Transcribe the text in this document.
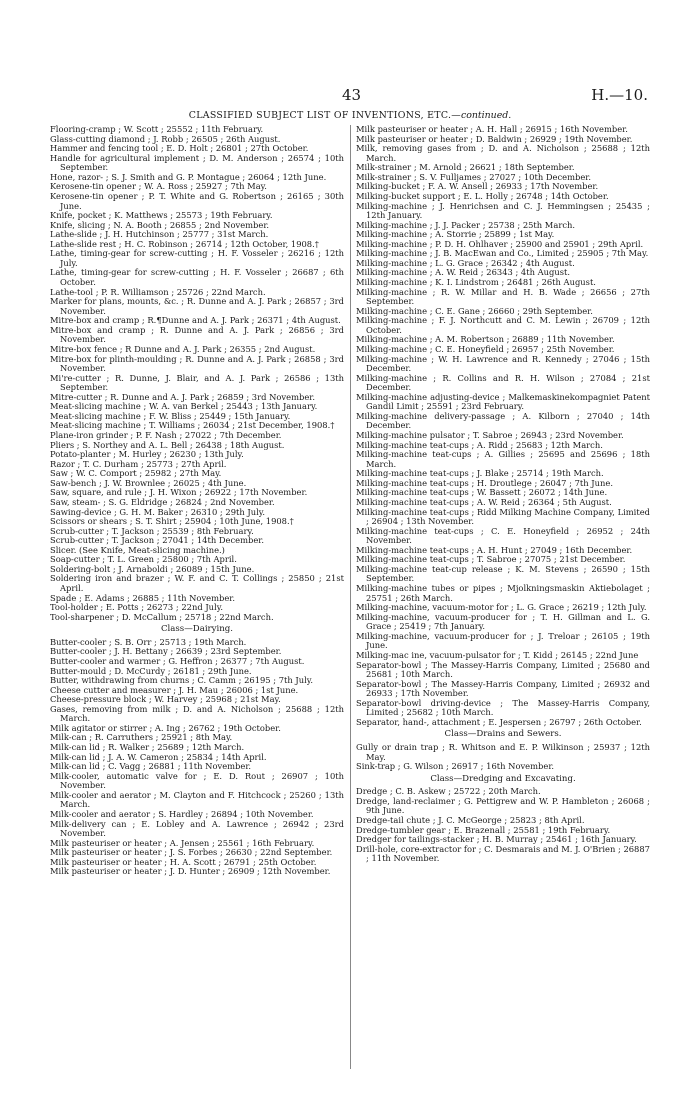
43	H.—10.
CLASSIFIED SUBJECT LIST OF INVENTIONS, ETC.—continued.
Flooring-cramp ; W. Scott ; 25552 ; 11th February.
Glass-cutting diamond ; J. Robb ; 26505 ; 26th August.
Hammer and fencing tool ; E. D. Holt ; 26801 ; 27th October.
Handle for agricultural implement ; D. M. Anderson ; 26574 ; 10th September.
Hone, razor- ; S. J. Smith and G. P. Montague ; 26064 ; 12th June.
Kerosene-tin opener ; W. A. Ross ; 25927 ; 7th May.
Kerosene-tin opener ; P. T. White and G. Robertson ; 26165 ; 30th June.
Knife, pocket ; K. Matthews ; 25573 ; 19th February.
Knife, slicing ; N. A. Booth ; 26855 ; 2nd November.
Lathe-slide ; J. H. Hutchinson ; 25777 ; 31st March.
Lathe-slide rest ; H. C. Robinson ; 26714 ; 12th October, 1908.†
Lathe, timing-gear for screw-cutting ; H. F. Vosseler ; 26216 ; 12th July.
Lathe, timing-gear for screw-cutting ; H. F. Vosseler ; 26687 ; 6th October.
Lathe-tool ; P. R. Williamson ; 25726 ; 22nd March.
Marker for plans, mounts, &c. ; R. Dunne and A. J. Park ; 26857 ; 3rd November.
Mitre-box and cramp ; R.¶Dunne and A. J. Park ; 26371 ; 4th August.
Mitre-box and cramp ; R. Dunne and A. J. Park ; 26856 ; 3rd November.
Mitre-box fence ; R Dunne and A. J. Park ; 26355 ; 2nd August.
Mitre-box for plinth-moulding ; R. Dunne and A. J. Park ; 26858 ; 3rd November.
Mi're-cutter ; R. Dunne, J. Blair, and A. J. Park ; 26586 ; 13th September.
Mitre-cutter ; R. Dunne and A. J. Park ; 26859 ; 3rd November.
Meat-slicing machine ; W. A. van Berkel ; 25443 ; 13th January.
Meat-slicing machine ; F. W. Bliss ; 25449 ; 15th January.
Meat-slicing machine ; T. Williams ; 26034 ; 21st December, 1908.†
Plane-iron grinder ; P. F. Nash ; 27022 ; 7th December.
Pliers ; S. Northey and A. L. Bell ; 26438 ; 18th August.
Potato-planter ; M. Hurley ; 26230 ; 13th July.
Razor ; T. C. Durham ; 25773 ; 27th April.
Saw ; W. C. Comport ; 25982 ; 27th May.
Saw-bench ; J. W. Brownlee ; 26025 ; 4th June.
Saw, square, and rule ; J. H. Wixon ; 26922 ; 17th November.
Saw, steam- ; S. G. Eldridge ; 26824 ; 2nd November.
Sawing-device ; G. H. M. Baker ; 26310 ; 29th July.
Scissors or shears ; S. T. Shirt ; 25904 ; 10th June, 1908.†
Scrub-cutter ; T. Jackson ; 25539 ; 8th February.
Scrub-cutter ; T. Jackson ; 27041 ; 14th December.
Slicer. (See Knife, Meat-slicing machine.)
Soap-cutter ; T. L. Green ; 25800 ; 7th April.
Soldering-bolt ; J. Arnaboldi ; 26089 ; 15th June.
Soldering iron and brazer ; W. F. and C. T. Collings ; 25850 ; 21st April.
Spade ; E. Adams ; 26885 ; 11th November.
Tool-holder ; E. Potts ; 26273 ; 22nd July.
Tool-sharpener ; D. McCallum ; 25718 ; 22nd March.
Class—Dairying.
Butter-cooler ; S. B. Orr ; 25713 ; 19th March.
Butter-cooler ; J. H. Bettany ; 26639 ; 23rd September.
Butter-cooler and warmer ; G. Heffron ; 26377 ; 7th August.
Butter-mould ; D. McCurdy ; 26181 ; 29th June.
Butter, withdrawing from churns ; C. Camm ; 26195 ; 7th July.
Cheese cutter and measurer ; J. H. Mau ; 26006 ; 1st June.
Cheese-pressure block ; W. Harvey ; 25968 ; 21st May.
Gases, removing from milk ; D. and A. Nicholson ; 25688 ; 12th March.
Milk agitator or stirrer ; A. Ing ; 26762 ; 19th October.
Milk-can ; R. Carruthers ; 25921 ; 8th May.
Milk-can lid ; R. Walker ; 25689 ; 12th March.
Milk-can lid ; J. A. W. Cameron ; 25834 ; 14th April.
Milk-can lid ; C. Vagg ; 26881 ; 11th November.
Milk-cooler, automatic valve for ; E. D. Rout ; 26907 ; 10th November.
Milk-cooler and aerator ; M. Clayton and F. Hitchcock ; 25260 ; 13th March.
Milk-cooler and aerator ; S. Hardley ; 26894 ; 10th November.
Milk-delivery can ; E. Lobley and A. Lawrence ; 26942 ; 23rd November.
Milk pasteuriser or heater ; A. Jensen ; 25561 ; 16th February.
Milk pasteuriser or heater ; J. S. Forbes ; 26630 ; 22nd September.
Milk pasteuriser or heater ; H. A. Scott ; 26791 ; 25th October.
Milk pasteuriser or heater ; J. D. Hunter ; 26909 ; 12th November.
Milk pasteuriser or heater ; A. H. Hall ; 26915 ; 16th November.
Milk pasteuriser or heater ; D. Baldwin ; 26929 ; 19th November.
Milk, removing gases from ; D. and A. Nicholson ; 25688 ; 12th March.
Milk-strainer ; M. Arnold ; 26621 ; 18th September.
Milk-strainer ; S. V. Fulljames ; 27027 ; 10th December.
Milking-bucket ; F. A. W. Ansell ; 26933 ; 17th November.
Milking-bucket support ; E. L. Holly ; 26748 ; 14th October.
Milking-machine ; J. Henrichsen and C. J. Hemmingsen ; 25435 ; 12th January.
Milking-machine ; J. J. Packer ; 25738 ; 25th March.
Milking-machine ; A. Storrie ; 25899 ; 1st May.
Milking-machine ; P. D. H. Ohlhaver ; 25900 and 25901 ; 29th April.
Milking-machine ; J. B. MacEwan and Co., Limited ; 25905 ; 7th May.
Milking-machine ; L. G. Grace ; 26342 ; 4th August.
Milking-machine ; A. W. Reid ; 26343 ; 4th August.
Milking-machine ; K. I. Lindstrom ; 26481 ; 26th August.
Milking-machine ; R. W. Millar and H. B. Wade ; 26656 ; 27th September.
Milking-machine ; C. E. Gane ; 26660 ; 29th September.
Milking-machine ; F. J. Northcutt and C. M. Lewin ; 26709 ; 12th October.
Milking-machine ; A. M. Robertson ; 26889 ; 11th November.
Milking-machine ; C. E. Honeyfield ; 26957 ; 25th November.
Milking-machine ; W. H. Lawrence and R. Kennedy ; 27046 ; 15th December.
Milking-machine ; R. Collins and R. H. Wilson ; 27084 ; 21st December.
Milking-machine adjusting-device ; Malkemaskinekompagniet Patent Gandil Limit ; 25591 ; 23rd February.
Milking-machine delivery-passage ; A. Kilborn ; 27040 ; 14th December.
Milking-machine pulsator ; T. Sabroe ; 26943 ; 23rd November.
Milking-machine teat-cups ; A. Ridd ; 25683 ; 12th March.
Milking-machine teat-cups ; A. Gillies ; 25695 and 25696 ; 18th March.
Milking-machine teat-cups ; J. Blake ; 25714 ; 19th March.
Milking-machine teat-cups ; H. Droutlege ; 26047 ; 7th June.
Milking-machine teat-cups ; W. Bassett ; 26072 ; 14th June.
Milking-machine teat-cups ; A. W. Reid ; 26364 ; 5th August.
Milking-machine teat-cups ; Ridd Milking Machine Company, Limited ; 26904 ; 13th November.
Milking-machine teat-cups ; C. E. Honeyfield ; 26952 ; 24th November.
Milking-machine teat-cups ; A. H. Hunt ; 27049 ; 16th December.
Milking-machine teat-cups ; T. Sabroe ; 27075 ; 21st December.
Milking-machine teat-cup release ; K. M. Stevens ; 26590 ; 15th September.
Milking-machine tubes or pipes ; Mjolkningsmaskin Aktiebolaget ; 25751 ; 26th March.
Milking-machine, vacuum-motor for ; L. G. Grace ; 26219 ; 12th July.
Milking-machine, vacuum-producer for ; T. H. Gillman and L. G. Grace ; 25419 ; 7th January.
Milking-machine, vacuum-producer for ; J. Treloar ; 26105 ; 19th June.
Milking-mac ine, vacuum-pulsator for ; T. Kidd ; 26145 ; 22nd June
Separator-bowl ; The Massey-Harris Company, Limited ; 25680 and 25681 ; 10th March.
Separator-bowl ; The Massey-Harris Company, Limited ; 26932 and 26933 ; 17th November.
Separator-bowl driving-device ; The Massey-Harris Company, Limited ; 25682 ; 10th March.
Separator, hand-, attachment ; E. Jespersen ; 26797 ; 26th October.
Class—Drains and Sewers.
Gully or drain trap ; R. Whitson and E. P. Wilkinson ; 25937 ; 12th May.
Sink-trap ; G. Wilson ; 26917 ; 16th November.
Class—Dredging and Excavating.
Dredge ; C. B. Askew ; 25722 ; 20th March.
Dredge, land-reclaimer ; G. Pettigrew and W. P. Hambleton ; 26068 ; 9th June.
Dredge-tail chute ; J. C. McGeorge ; 25823 ; 8th April.
Dredge-tumbler gear ; E. Brazenall ; 25581 ; 19th February.
Dredger for tailings-stacker ; H. B. Murray ; 25461 ; 16th January.
Drill-hole, core-extractor for ; C. Desmarais and M. J. O'Brien ; 26887 ; 11th November.
